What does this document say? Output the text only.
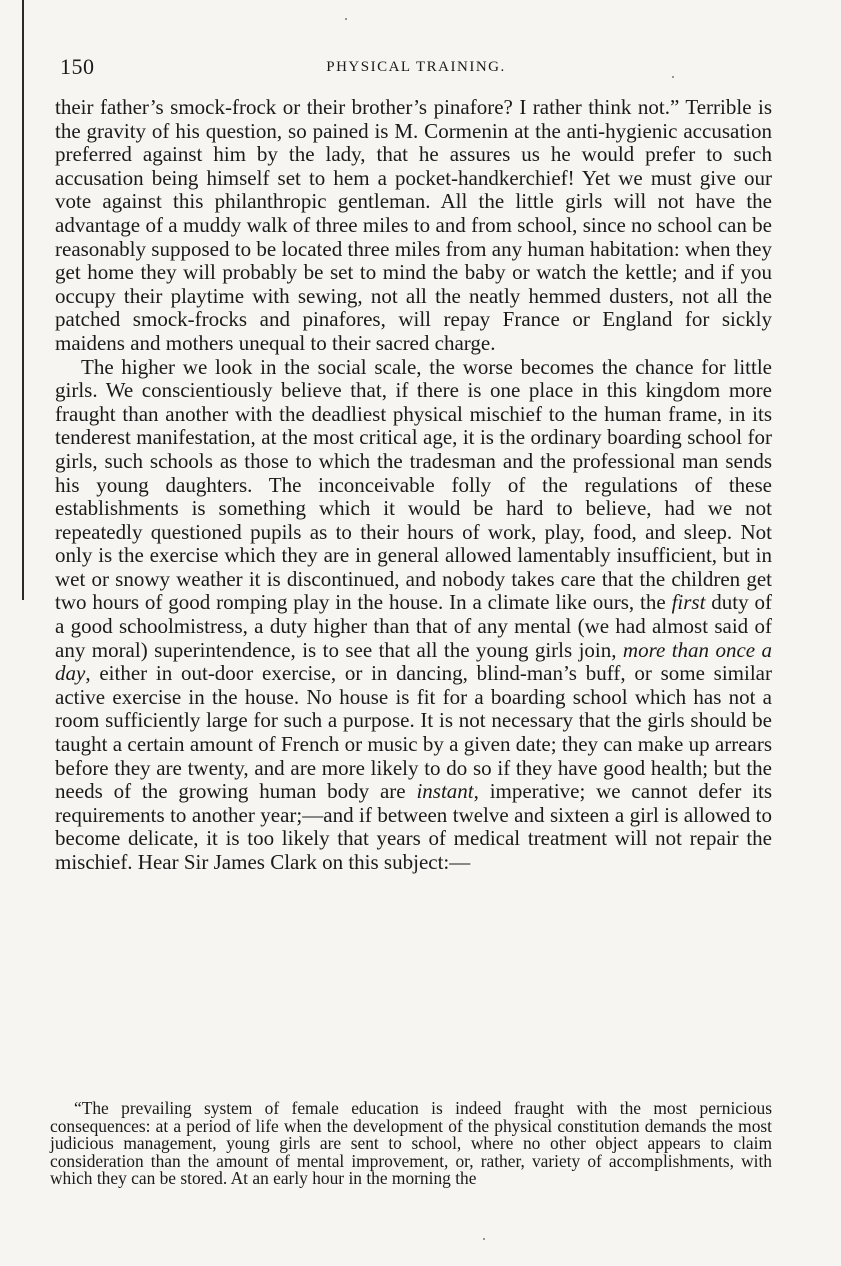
150	PHYSICAL TRAINING.

their father’s smock-frock or their brother’s pinafore? I rather think not.” Terrible is the gravity of his question, so pained is M. Cormenin at the anti-hygienic accusation preferred against him by the lady, that he assures us he would prefer to such accusation being himself set to hem a pocket-handkerchief! Yet we must give our vote against this philanthropic gentleman. All the little girls will not have the advantage of a muddy walk of three miles to and from school, since no school can be reasonably supposed to be located three miles from any human habitation: when they get home they will probably be set to mind the baby or watch the kettle; and if you occupy their playtime with sewing, not all the neatly hemmed dusters, not all the patched smock-frocks and pinafores, will repay France or England for sickly maidens and mothers unequal to their sacred charge.

The higher we look in the social scale, the worse becomes the chance for little girls. We conscientiously believe that, if there is one place in this kingdom more fraught than another with the deadliest physical mischief to the human frame, in its tenderest manifestation, at the most critical age, it is the ordinary boarding school for girls, such schools as those to which the tradesman and the professional man sends his young daughters. The inconceivable folly of the regulations of these establishments is something which it would be hard to believe, had we not repeatedly questioned pupils as to their hours of work, play, food, and sleep. Not only is the exercise which they are in general allowed lamentably insufficient, but in wet or snowy weather it is discontinued, and nobody takes care that the children get two hours of good romping play in the house. In a climate like ours, the first duty of a good schoolmistress, a duty higher than that of any mental (we had almost said of any moral) superintendence, is to see that all the young girls join, more than once a day, either in out-door exercise, or in dancing, blind-man’s buff, or some similar active exercise in the house. No house is fit for a boarding school which has not a room sufficiently large for such a purpose. It is not necessary that the girls should be taught a certain amount of French or music by a given date; they can make up arrears before they are twenty, and are more likely to do so if they have good health; but the needs of the growing human body are instant, imperative; we cannot defer its requirements to another year;—and if between twelve and sixteen a girl is allowed to become delicate, it is too likely that years of medical treatment will not repair the mischief. Hear Sir James Clark on this subject:—

“The prevailing system of female education is indeed fraught with the most pernicious consequences: at a period of life when the development of the physical constitution demands the most judicious management, young girls are sent to school, where no other object appears to claim consideration than the amount of mental improvement, or, rather, variety of accomplishments, with which they can be stored. At an early hour in the morning the
